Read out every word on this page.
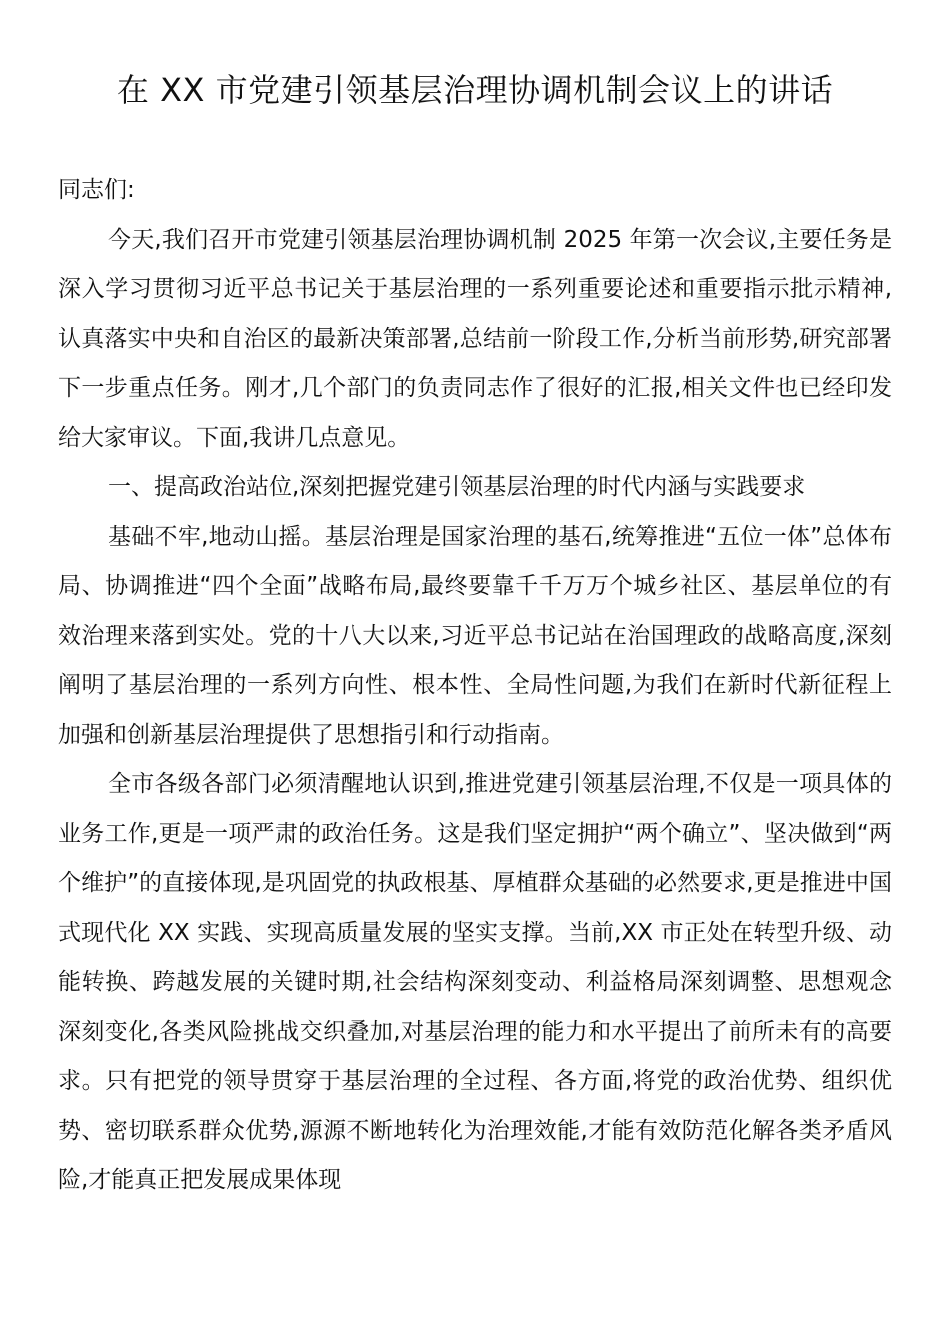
在 XX 市党建引领基层治理协调机制会议上的讲话

同志们:

今天,我们召开市党建引领基层治理协调机制 2025 年第一次会议,主要任务是深入学习贯彻习近平总书记关于基层治理的一系列重要论述和重要指示批示精神,认真落实中央和自治区的最新决策部署,总结前一阶段工作,分析当前形势,研究部署下一步重点任务。刚才,几个部门的负责同志作了很好的汇报,相关文件也已经印发给大家审议。下面,我讲几点意见。

一、提高政治站位,深刻把握党建引领基层治理的时代内涵与实践要求

基础不牢,地动山摇。基层治理是国家治理的基石,统筹推进“五位一体”总体布局、协调推进“四个全面”战略布局,最终要靠千千万万个城乡社区、基层单位的有效治理来落到实处。党的十八大以来,习近平总书记站在治国理政的战略高度,深刻阐明了基层治理的一系列方向性、根本性、全局性问题,为我们在新时代新征程上加强和创新基层治理提供了思想指引和行动指南。

全市各级各部门必须清醒地认识到,推进党建引领基层治理,不仅是一项具体的业务工作,更是一项严肃的政治任务。这是我们坚定拥护“两个确立”、坚决做到“两个维护”的直接体现,是巩固党的执政根基、厚植群众基础的必然要求,更是推进中国式现代化 XX 实践、实现高质量发展的坚实支撑。当前,XX 市正处在转型升级、动能转换、跨越发展的关键时期,社会结构深刻变动、利益格局深刻调整、思想观念深刻变化,各类风险挑战交织叠加,对基层治理的能力和水平提出了前所未有的高要求。只有把党的领导贯穿于基层治理的全过程、各方面,将党的政治优势、组织优势、密切联系群众优势,源源不断地转化为治理效能,才能有效防范化解各类矛盾风险,才能真正把发展成果体现
